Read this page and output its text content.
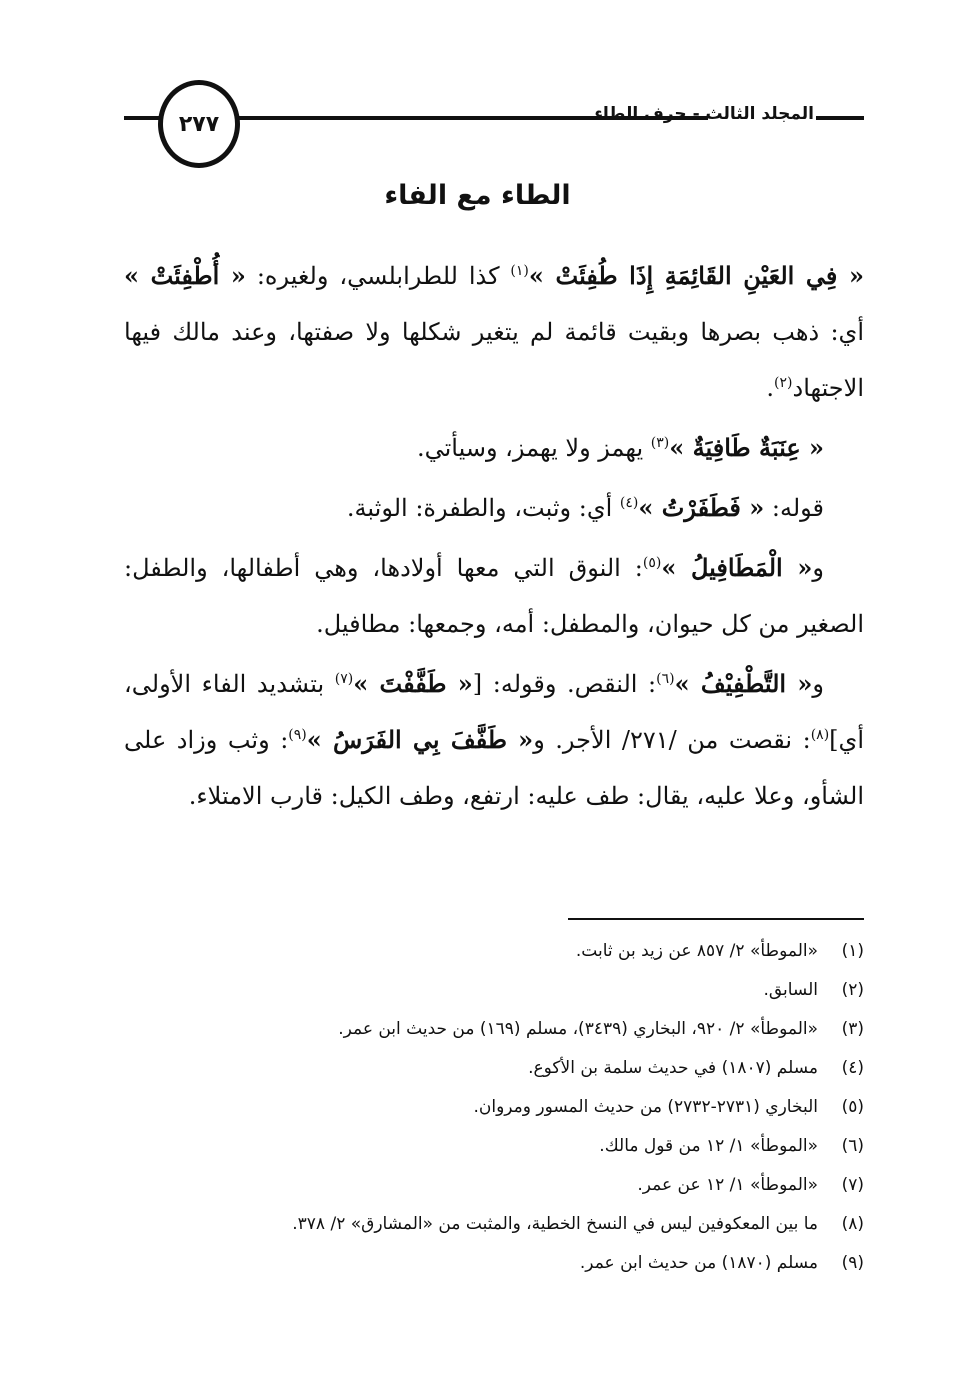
٢٧٧	المجلد الثالث - حرف الطاء
الطاء مع الفاء

« فِي العَيْنِ القَائِمَةِ إِذَا طُفِئَتْ »$^{(١)}$ كذا للطرابلسي، ولغيره: « أُطْفِئَتْ » أي: ذهب بصرها وبقيت قائمة لم يتغير شكلها ولا صفتها، وعند مالك فيها الاجتهاد$^{(٢)}$.

« عِنَبَةٌ طَافِيَةٌ »$^{(٣)}$ يهمز ولا يهمز، وسيأتي.

قوله: « فَطَفَرْتُ »$^{(٤)}$ أي: وثبت، والطفرة: الوثبة.

و« الْمَطَافِيلُ »$^{(٥)}$: النوق التي معها أولادها، وهي أطفالها، والطفل: الصغير من كل حيوان، والمطفل: أمه، وجمعها: مطافيل.

و« التَّطْفِيْفُ »$^{(٦)}$: النقص. وقوله: [« طَفَّفْتَ »$^{(٧)}$ بتشديد الفاء الأولى، أي]$^{(٨)}$: نقصت من /٢٧١/ الأجر. و« طَفَّفَ بِي الفَرَسُ »$^{(٩)}$: وثب وزاد على الشأو، وعلا عليه، يقال: طف عليه: ارتفع، وطف الكيل: قارب الامتلاء.

(١)
«الموطأ» ٢/ ٨٥٧ عن زيد بن ثابت.
(٢)
السابق.
(٣)
«الموطأ» ٢/ ٩٢٠، البخاري (٣٤٣٩)، مسلم (١٦٩) من حديث ابن عمر.
(٤)
مسلم (١٨٠٧) في حديث سلمة بن الأكوع.
(٥)
البخاري (٢٧٣١-٢٧٣٢) من حديث المسور ومروان.
(٦)
«الموطأ» ١/ ١٢ من قول مالك.
(٧)
«الموطأ» ١/ ١٢ عن عمر.
(٨)
ما بين المعكوفين ليس في النسخ الخطية، والمثبت من «المشارق» ٢/ ٣٧٨.
(٩)
مسلم (١٨٧٠) من حديث ابن عمر.
